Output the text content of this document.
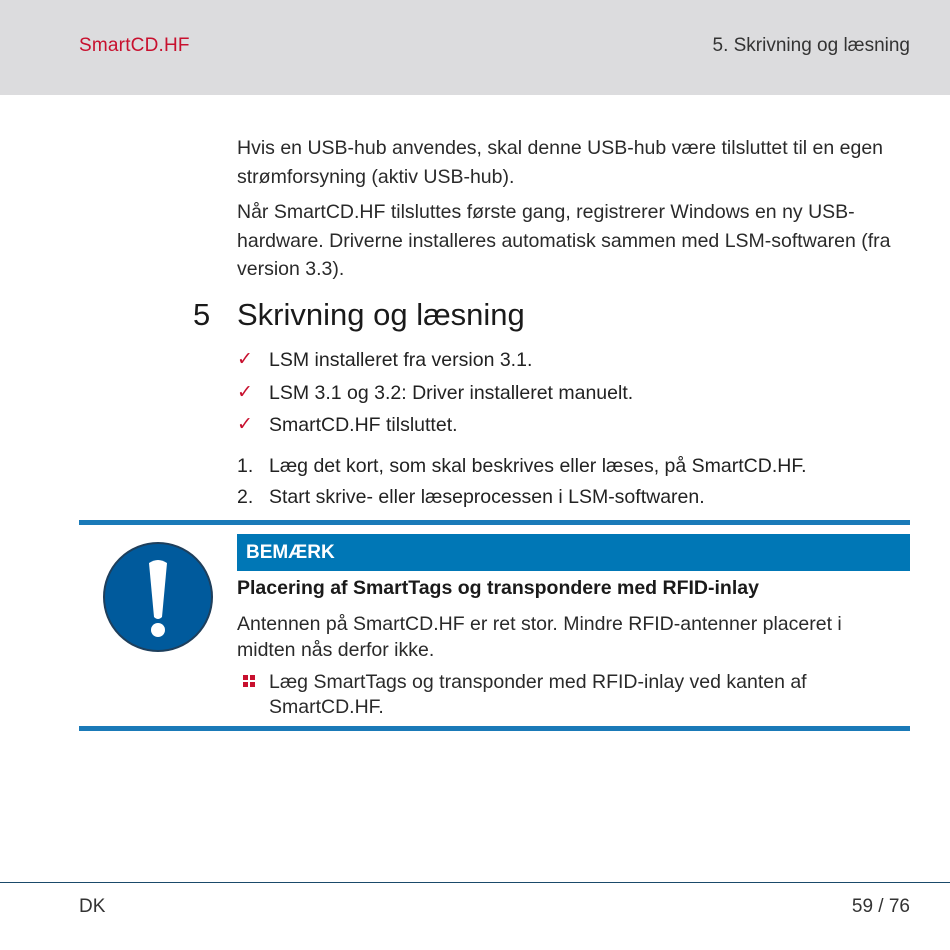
SmartCD.HF	5. Skrivning og læsning

Hvis en USB-hub anvendes, skal denne USB-hub være tilsluttet til en egen strømforsyning (aktiv USB-hub).

Når SmartCD.HF tilsluttes første gang, registrerer Windows en ny USB-hardware. Driverne installeres automatisk sammen med LSM-softwaren (fra version 3.3).

5 Skrivning og læsning
✓ LSM installeret fra version 3.1.
✓ LSM 3.1 og 3.2: Driver installeret manuelt.
✓ SmartCD.HF tilsluttet.
1. Læg det kort, som skal beskrives eller læses, på SmartCD.HF.
2. Start skrive- eller læseprocessen i LSM-softwaren.
BEMÆRK
Placering af SmartTags og transpondere med RFID-inlay
Antennen på SmartCD.HF er ret stor. Mindre RFID-antenner placeret i midten nås derfor ikke.
Læg SmartTags og transponder med RFID-inlay ved kanten af SmartCD.HF.
DK	59 / 76
